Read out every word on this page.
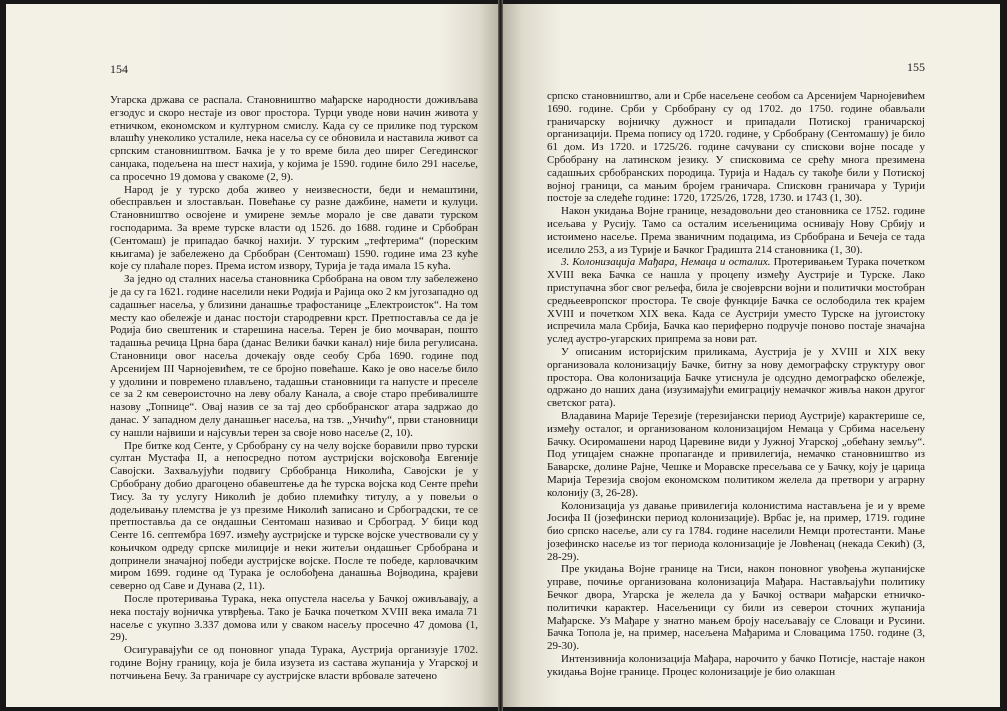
154

Угарска држава се распала. Становништво мађарске народности доживљава егзодус и скоро нестаје из овог простора. Турци уводе нови начин живота у етничком, економском и културном смислу. Када су се прилике под турском влашћу унеколико усталиле, нека насеља су се обновила и наставила живот са српским становништвом. Бачка је у то време била део ширег Сегединског санџака, подељена на шест нахија, у којима је 1590. године било 291 насеље, са просечно 19 домова у свакомe (2, 9).

Народ је у турско доба живео у неизвесности, беди и немаштини, обесправљен и злостављан. Повећање су разне дажбине, намети и кулуци. Становништво освојене и умирене земље морало је све давати турском господарима. За време турске власти од 1526. до 1688. године и Србобран (Сентомаш) је припадао бачкој нахији. У турским „тефтерима“ (пореским књигама) је забележено да Србобран (Сентомаш) 1590. године има 23 куће које су плаћале порез. Према истом извору, Турија је тада имала 15 кућа.

За једно од сталних насеља становника Србобрана на овом тлу забележено је да су га 1621. године населили неки Родија и Рајица око 2 км југозападно од садашњег насеља, у близини данашње трафостанице „Електроисток“. На том месту као обележје и данас постоји стародревни крст. Претпоставља се да је Родија био свештеник и старешина насеља. Терен је био мочваран, пошто тадашња речица Црна бара (данас Велики бачки канал) није била регулисана. Становници овог насеља дочекају овде сеобу Срба 1690. године под Арсенијем III Чарнојевићем, те се бројно повећаше. Како је ово насеље било у удолини и повремено плављено, тадашњи становници га напусте и преселе се за 2 км североисточно на леву обалу Канала, а своје старо пребивалиште назову „Топнице“. Овај назив се за тај део србобранског атара задржао до данас. У западном делу данашњег насеља, на тзв. „Унчићу“, први становници су нашли највиши и најсувљи терен за своје ново насеље (2, 10).

Пре битке код Сенте, у Србобрану су на челу војске боравили прво турски султан Мустафа II, а непосредно потом аустријски војсковођа Евгеније Савојски. Захваљујући подвигу Србобранца Николића, Савојски је у Србобрану добио драгоцено обавештење да ће турска војска код Сенте прећи Тису. За ту услугу Николић је добио племићку титулу, а у повељи о додељивању племства је уз презиме Николић записано и Србоградски, те се претпоставља да се ондашњи Сентомаш називао и Србоград. У бици код Сенте 16. септембра 1697. између аустријске и турске војске учествовали су у коњичком одреду српске милиције и неки житељи ондашњег Србобрана и допринели значајној победи аустријске војске. После те победе, карловачким миром 1699. године од Турака је ослобођена данашња Војводина, крајеви северно од Саве и Дунава (2, 11).

После протеривања Турака, нека опустела насеља у Бачкој оживљавају, а нека постају војничка утврђења. Тако је Бачка почетком XVIII века имала 71 насеље с укупно 3.337 домова или у сваком насељу просечно 47 домова (1, 29).

Осигуравајући се од поновног упада Турака, Аустрија организује 1702. године Војну границу, која је била изузета из састава жупанија у Угарској и потчињена Бечу. За граничаре су аустријске власти врбовале затечено

155

српско становништво, али и Србе насељене сеобом са Арсенијем Чарнојевићем 1690. године. Срби у Србобрану су од 1702. до 1750. године обављали граничарску војничку дужност и припадали Потиској граничарској организацији. Према попису од 1720. године, у Србобрану (Сентомашу) је било 61 дом. Из 1720. и 1725/26. године сачувани су спискови војне посаде у Србобрану на латинском језику. У списковима се срећу многа презимена садашњих србобранских породица. Турија и Надаљ су такође били у Потиској војној граници, са мањим бројем граничара. Списковн граничара у Турији постоје за следеће године: 1720, 1725/26, 1728, 1730. и 1743 (1, 30).

Након укидања Војне границе, незадовољни део становника се 1752. године исељава у Русију. Тамо са осталим исељеницима оснивају Нову Србију и истоимено насеље. Према званичним подацима, из Србобрана и Бечеја се тада иселило 253, а из Турије и Бачког Градишта 214 становника (1, 30).

3. Колонизација Мађара, Немаца и осталих. Протеривањем Турака почетком XVIII века Бачка се нашла у процепу између Аустрије и Турске. Лако приступачна због свог рељефа, била је својеврсни војни и политички мостобран средњеевропског простора. Те своје функције Бачка се ослободила тек крајем XVIII и почетком XIX века. Када се Аустрији уместо Турске на југоистоку испречила мала Србија, Бачка као периферно подручје поново постаје значајна услед аустро-угарских припрема за нови рат.

У описаним историјским приликама, Аустрија је у XVIII и XIX веку организовала колонизацију Бачке, битну за нову демографску структуру овог простора. Ова колонизација Бачке утиснула је одсудно демографско обележје, одржано до наших дана (изузимајући емиграцију немачког живља након другог светског рата).

Владавина Марије Терезије (терезијански период Аустрије) карактерише се, између осталог, и организованом колонизацијом Немаца у Србима насељену Бачку. Осиромашени народ Царевине види у Јужној Угарској „обећану земљу“. Под утицајем снажне пропаганде и привилегија, немачко становништво из Баварске, долине Рајне, Чешке и Моравске пресељава се у Бачку, коју је царица Марија Терезија својом економском политиком желела да претвори у аграрну колонију (3, 26-28).

Колонизација уз давање привилегија колонистима настављена је и у време Јосифа II (јозефински период колонизације). Врбас је, на пример, 1719. године био српско насеље, али су га 1784. године населили Немци протестанти. Мање јозефинско насеље из тог периода колонизације је Ловћенац (некада Секић) (3, 28-29).

Пре укидања Војне границе на Тиси, након поновног увођења жупанијске управе, почиње организована колонизација Мађара. Настављајући политику Бечког двора, Угарска је желела да у Бачкој оствари мађарски етничко-политички карактер. Насељеници су били из северои сточних жупанија Мађарске. Уз Мађаре у знатно мањем броју насељавају се Словаци и Русини. Бачка Топола је, на пример, насељена Мађарима и Словацима 1750. године (3, 29-30).

Интензивнија колонизација Мађара, нарочито у бачко Потисје, настаје након укидања Војне границе. Процес колонизације је био олакшан
